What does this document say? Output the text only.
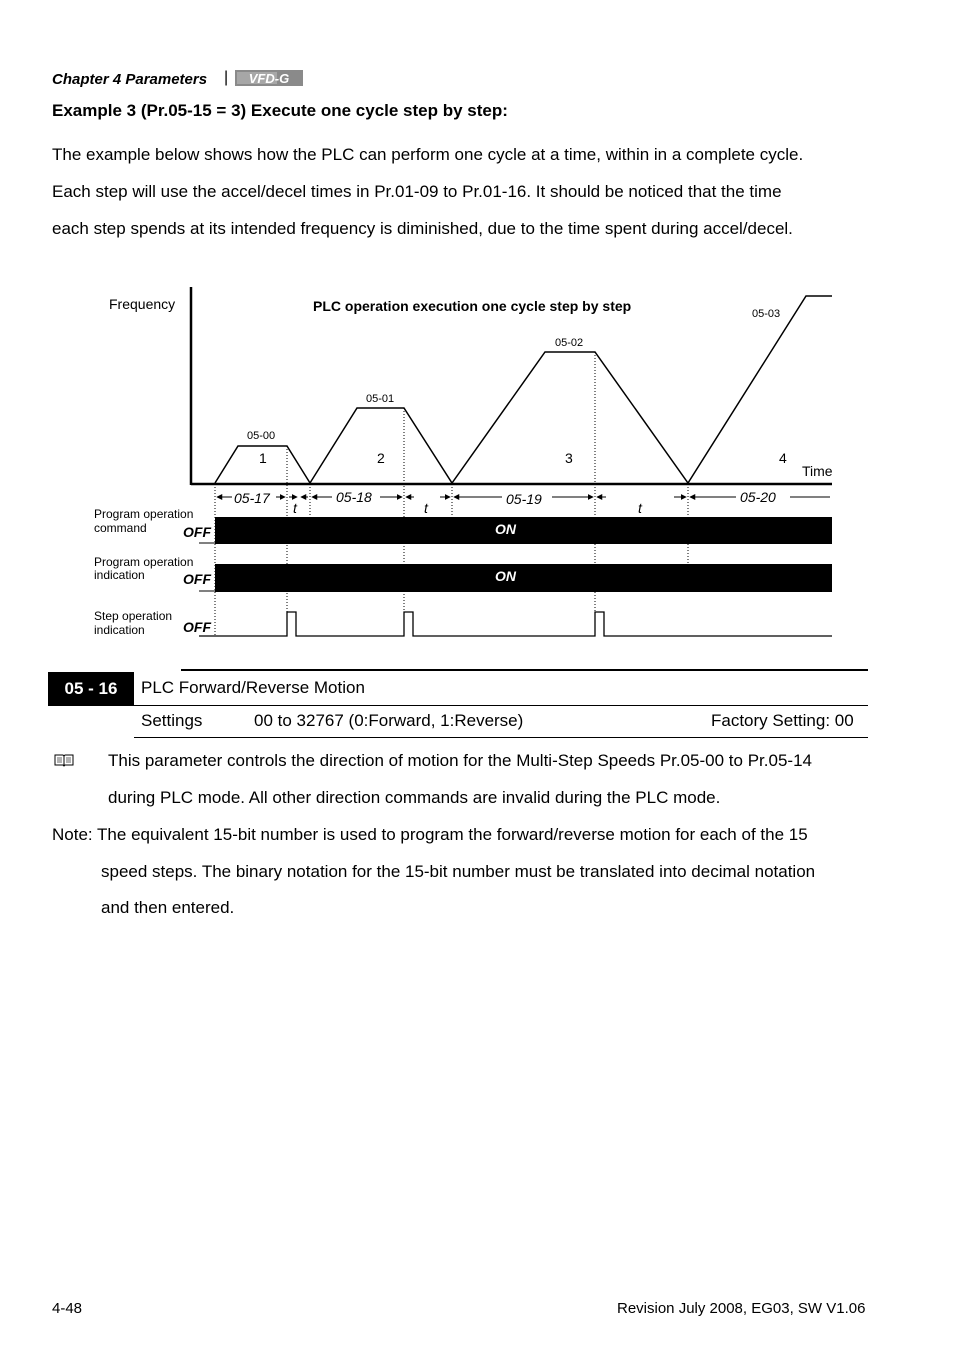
Chapter 4 Parameters | VFD-G
Example 3 (Pr.05-15 = 3) Execute one cycle step by step:
The example below shows how the PLC can perform one cycle at a time, within in a complete cycle.
Each step will use the accel/decel times in Pr.01-09 to Pr.01-16. It should be noticed that the time
each step spends at its intended frequency is diminished, due to the time spent during accel/decel.
Frequency
Time
PLC operation execution one cycle step by step
05-00
05-01
05-02
05-03
1	2	3	4
05-17	05-18	05-19	05-20
t	t	t
Program operation
command	OFF	ON
Program operation
indication	OFF	ON
Step operation
indication	OFF
05 - 16	PLC Forward/Reverse Motion
Settings	00 to 32767 (0:Forward, 1:Reverse)	Factory Setting: 00
This parameter controls the direction of motion for the Multi-Step Speeds Pr.05-00 to Pr.05-14
during PLC mode. All other direction commands are invalid during the PLC mode.
Note: The equivalent 15-bit number is used to program the forward/reverse motion for each of the 15
speed steps. The binary notation for the 15-bit number must be translated into decimal notation
and then entered.
4-48	Revision July 2008, EG03, SW V1.06
